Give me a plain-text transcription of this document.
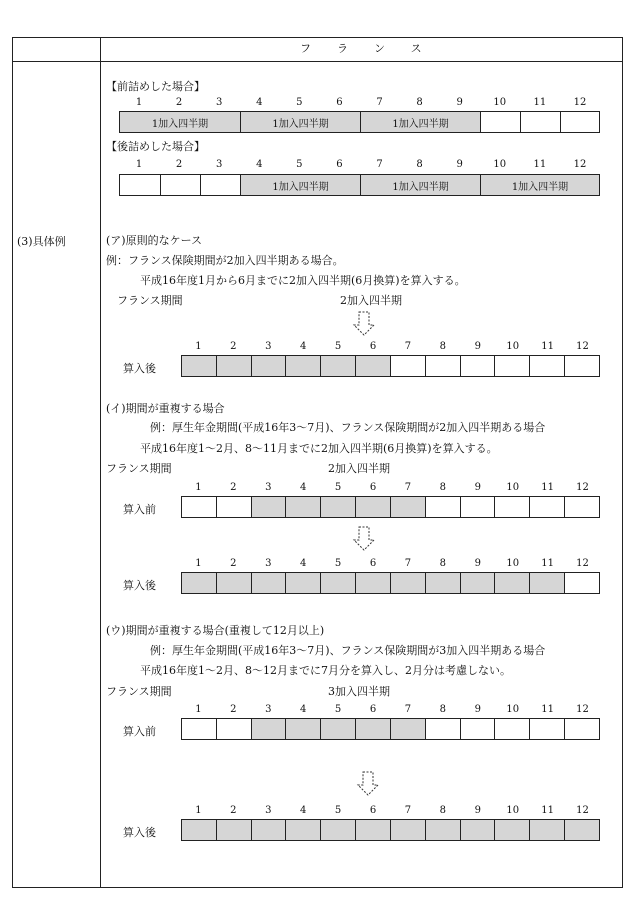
フランス
(3)具体例
【前詰めした場合】
1	2	3	4	5	6	7	8	9	10	11	12
1加入四半期	1加入四半期	1加入四半期
【後詰めした場合】
1	2	3	4	5	6	7	8	9	10	11	12
1加入四半期	1加入四半期	1加入四半期
(ア)原則的なケース
例：フランス保険期間が2加入四半期ある場合。
平成16年度1月から6月までに2加入四半期(6月換算)を算入する。
フランス期間	2加入四半期
1	2	3	4	5	6	7	8	9	10	11	12
算入後
(イ)期間が重複する場合
例：厚生年金期間(平成16年3〜7月)、フランス保険期間が2加入四半期ある場合
平成16年度1〜2月、8〜11月までに2加入四半期(6月換算)を算入する。
フランス期間	2加入四半期
1	2	3	4	5	6	7	8	9	10	11	12
算入前
1	2	3	4	5	6	7	8	9	10	11	12
算入後
(ウ)期間が重複する場合(重複して12月以上)
例：厚生年金期間(平成16年3〜7月)、フランス保険期間が3加入四半期ある場合
平成16年度1〜2月、8〜12月までに7月分を算入し、2月分は考慮しない。
フランス期間	3加入四半期
1	2	3	4	5	6	7	8	9	10	11	12
算入前
1	2	3	4	5	6	7	8	9	10	11	12
算入後
